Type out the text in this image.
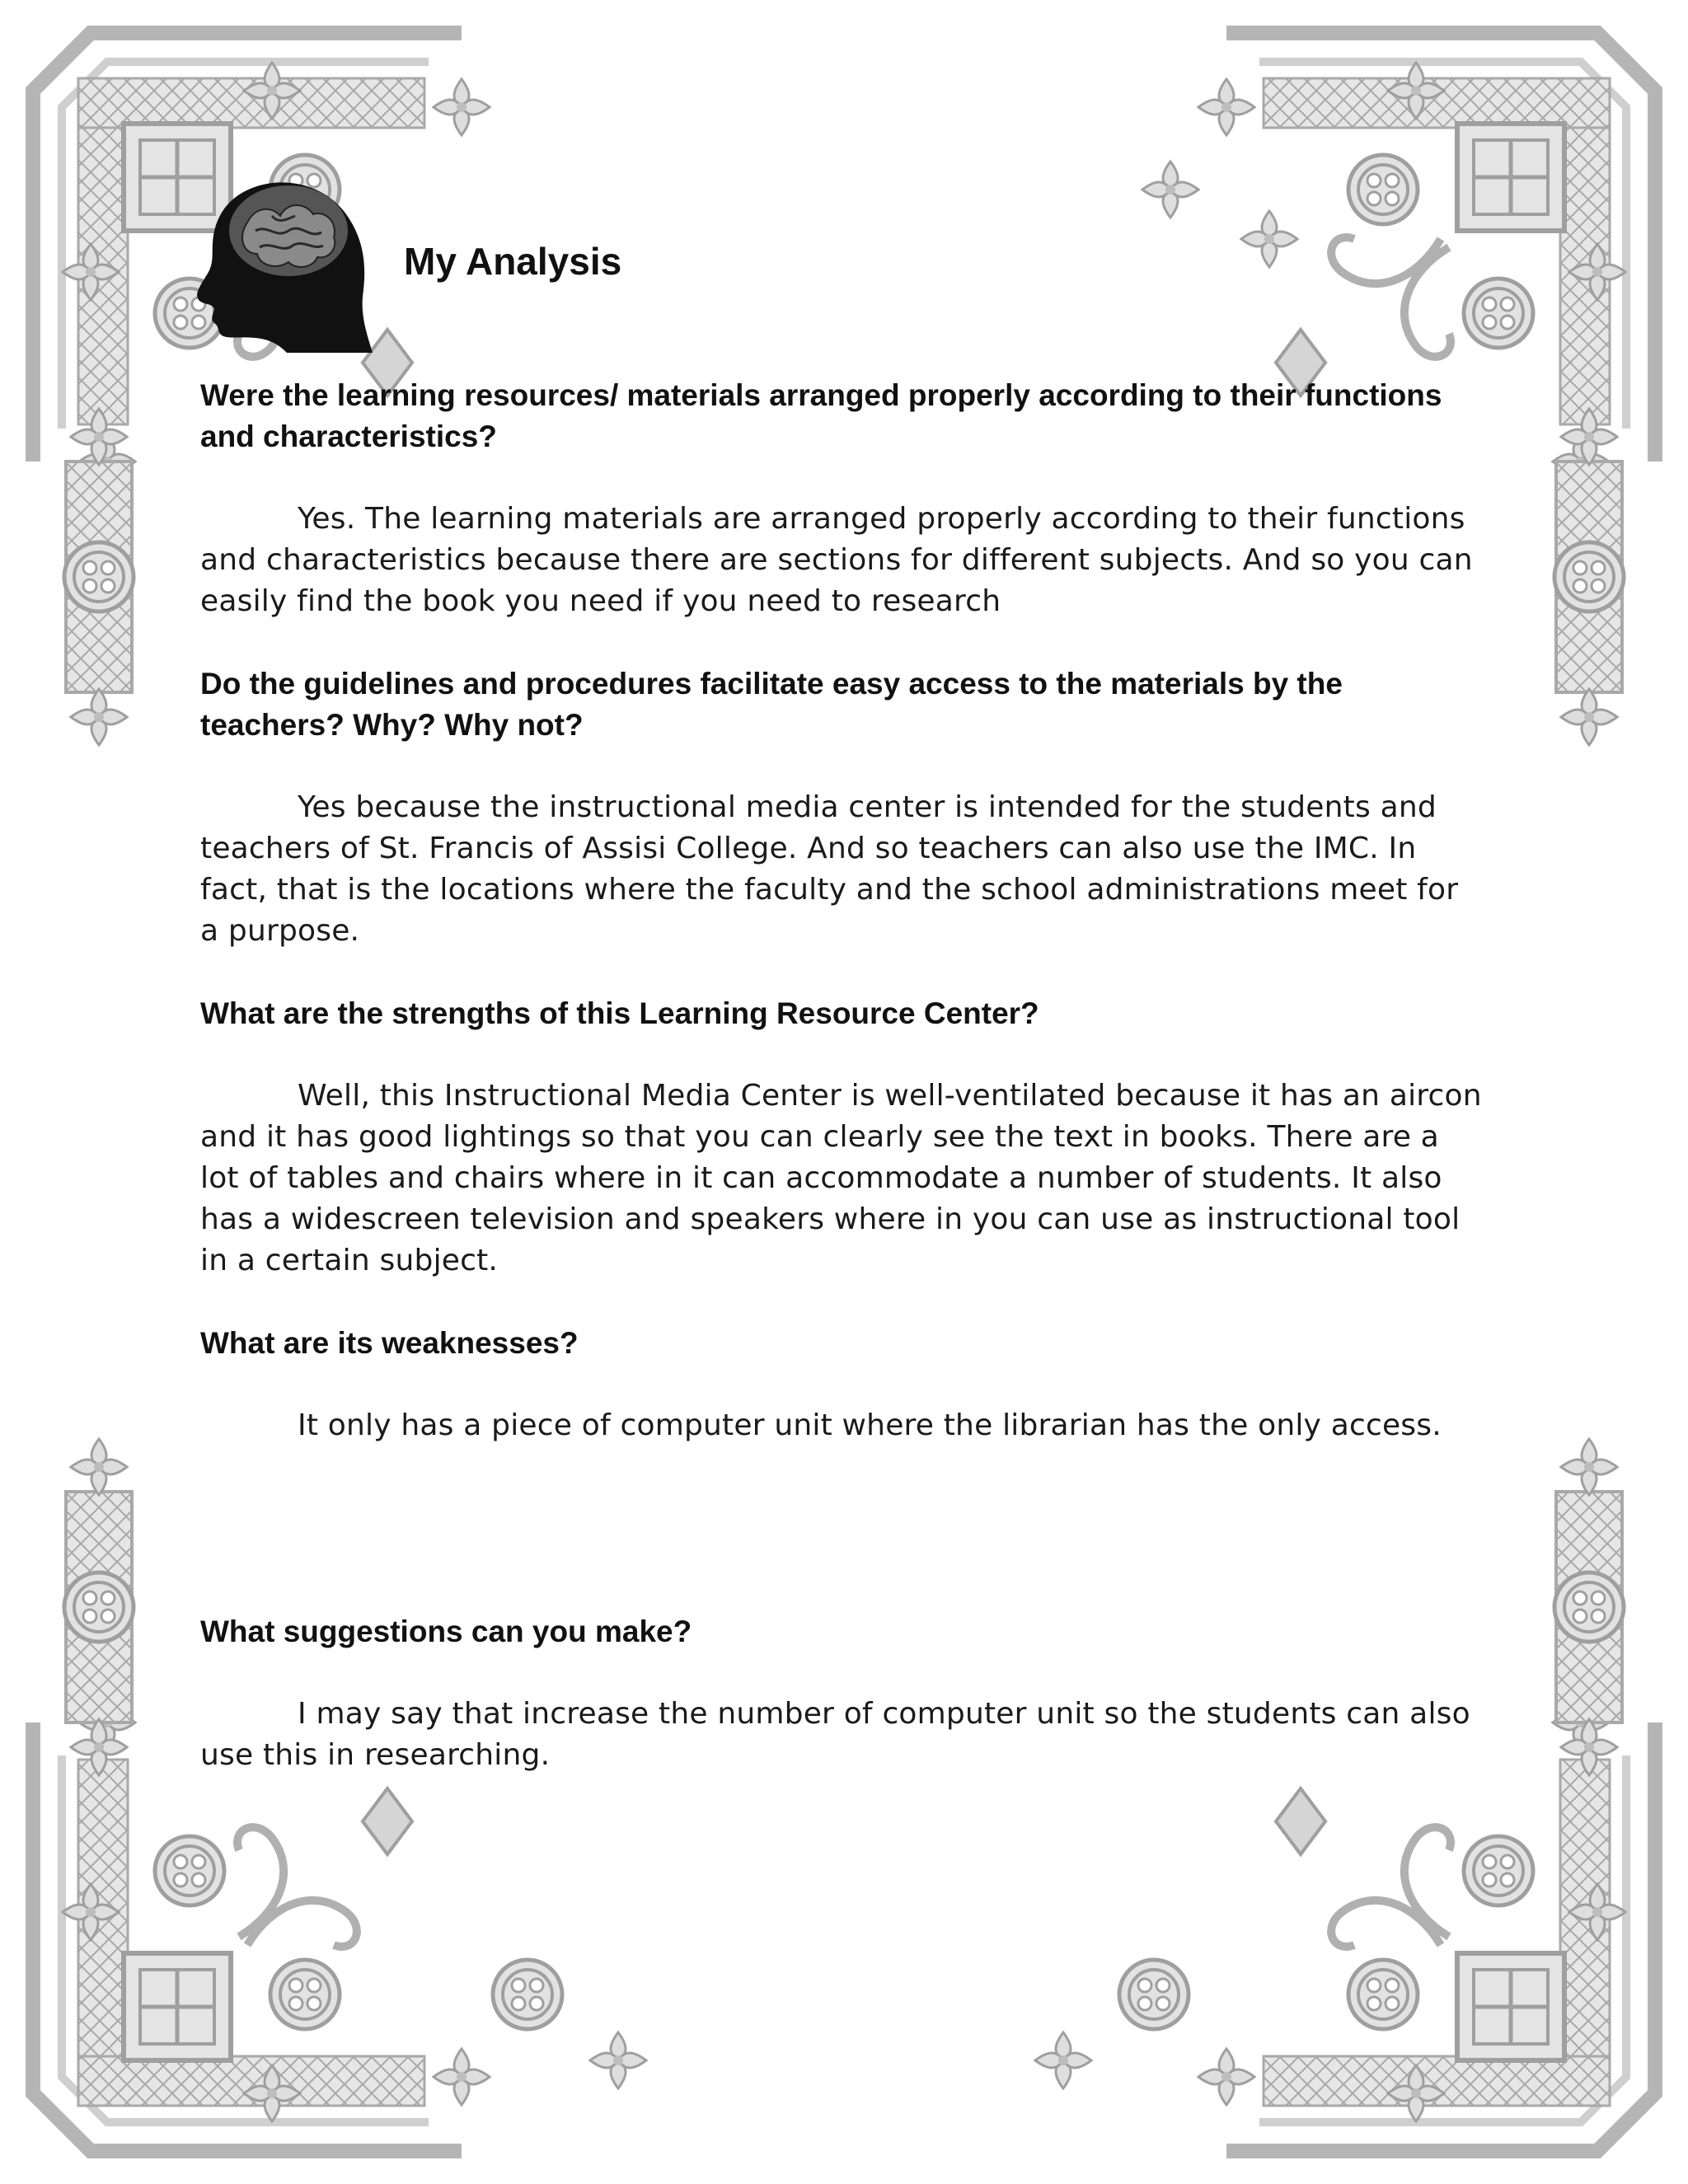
My Analysis

Were the learning resources/ materials arranged properly according to their functions and characteristics?

Yes. The learning materials are arranged properly according to their functions and characteristics because there are sections for different subjects. And so you can easily find the book you need if you need to research

Do the guidelines and procedures facilitate easy access to the materials by the teachers? Why? Why not?

Yes because the instructional media center is intended for the students and teachers of St. Francis of Assisi College. And so teachers can also use the IMC. In fact, that is the locations where the faculty and the school administrations meet for a purpose.

What are the strengths of this Learning Resource Center?

Well, this Instructional Media Center is well-ventilated because it has an aircon and it has good lightings so that you can clearly see the text in books. There are a lot of tables and chairs where in it can accommodate a number of students. It also has a widescreen television and speakers where in you can use as instructional tool in a certain subject.

What are its weaknesses?

It only has a piece of computer unit where the librarian has the only access.

What suggestions can you make?

I may say that increase the number of computer unit so the students can also use this in researching.
